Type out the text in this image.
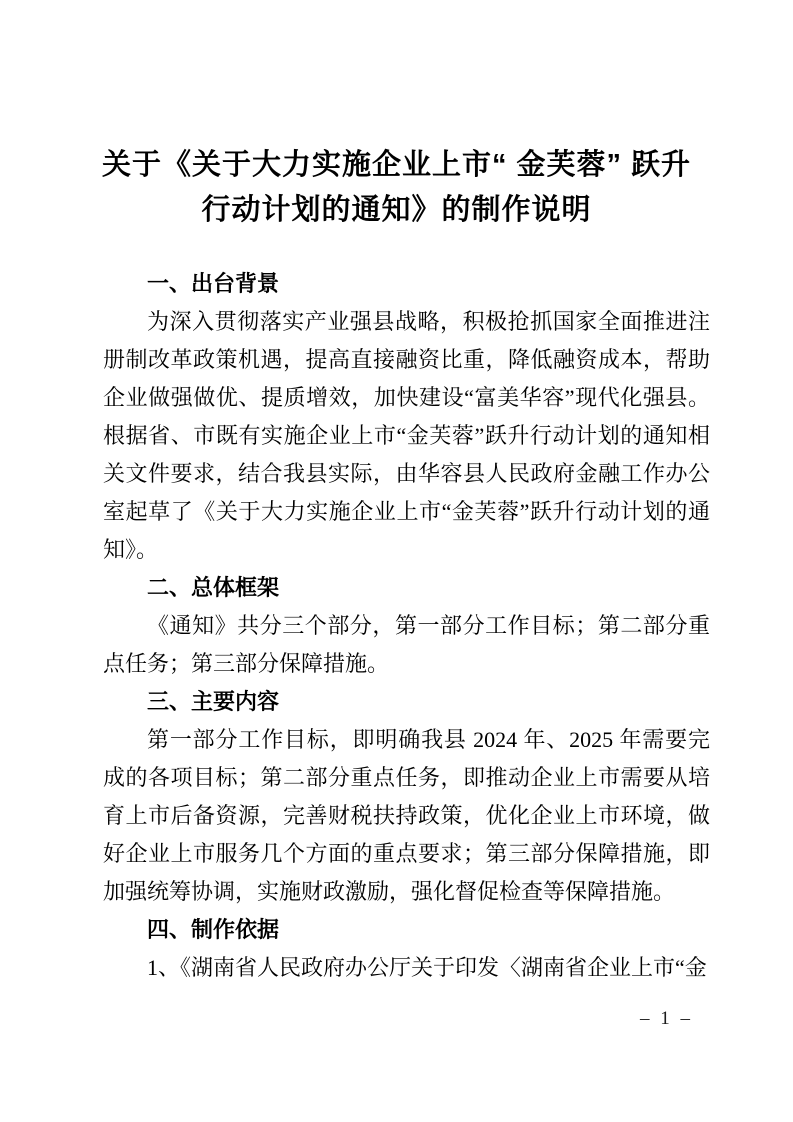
关于《关于大力实施企业上市“ 金芙蓉” 跃升
行动计划的通知》的制作说明
一、出台背景

为深入贯彻落实产业强县战略，积极抢抓国家全面推进注册制改革政策机遇，提高直接融资比重，降低融资成本，帮助企业做强做优、提质增效，加快建设“富美华容”现代化强县。根据省、市既有实施企业上市“金芙蓉”跃升行动计划的通知相关文件要求，结合我县实际，由华容县人民政府金融工作办公室起草了《关于大力实施企业上市“金芙蓉”跃升行动计划的通知》。

二、总体框架

《通知》共分三个部分，第一部分工作目标；第二部分重点任务；第三部分保障措施。

三、主要内容

第一部分工作目标，即明确我县 2024 年、2025 年需要完成的各项目标；第二部分重点任务，即推动企业上市需要从培育上市后备资源，完善财税扶持政策，优化企业上市环境，做好企业上市服务几个方面的重点要求；第三部分保障措施，即加强统筹协调，实施财政激励，强化督促检查等保障措施。

四、制作依据

1、《湖南省人民政府办公厅关于印发〈湖南省企业上市“金

– 1 –
